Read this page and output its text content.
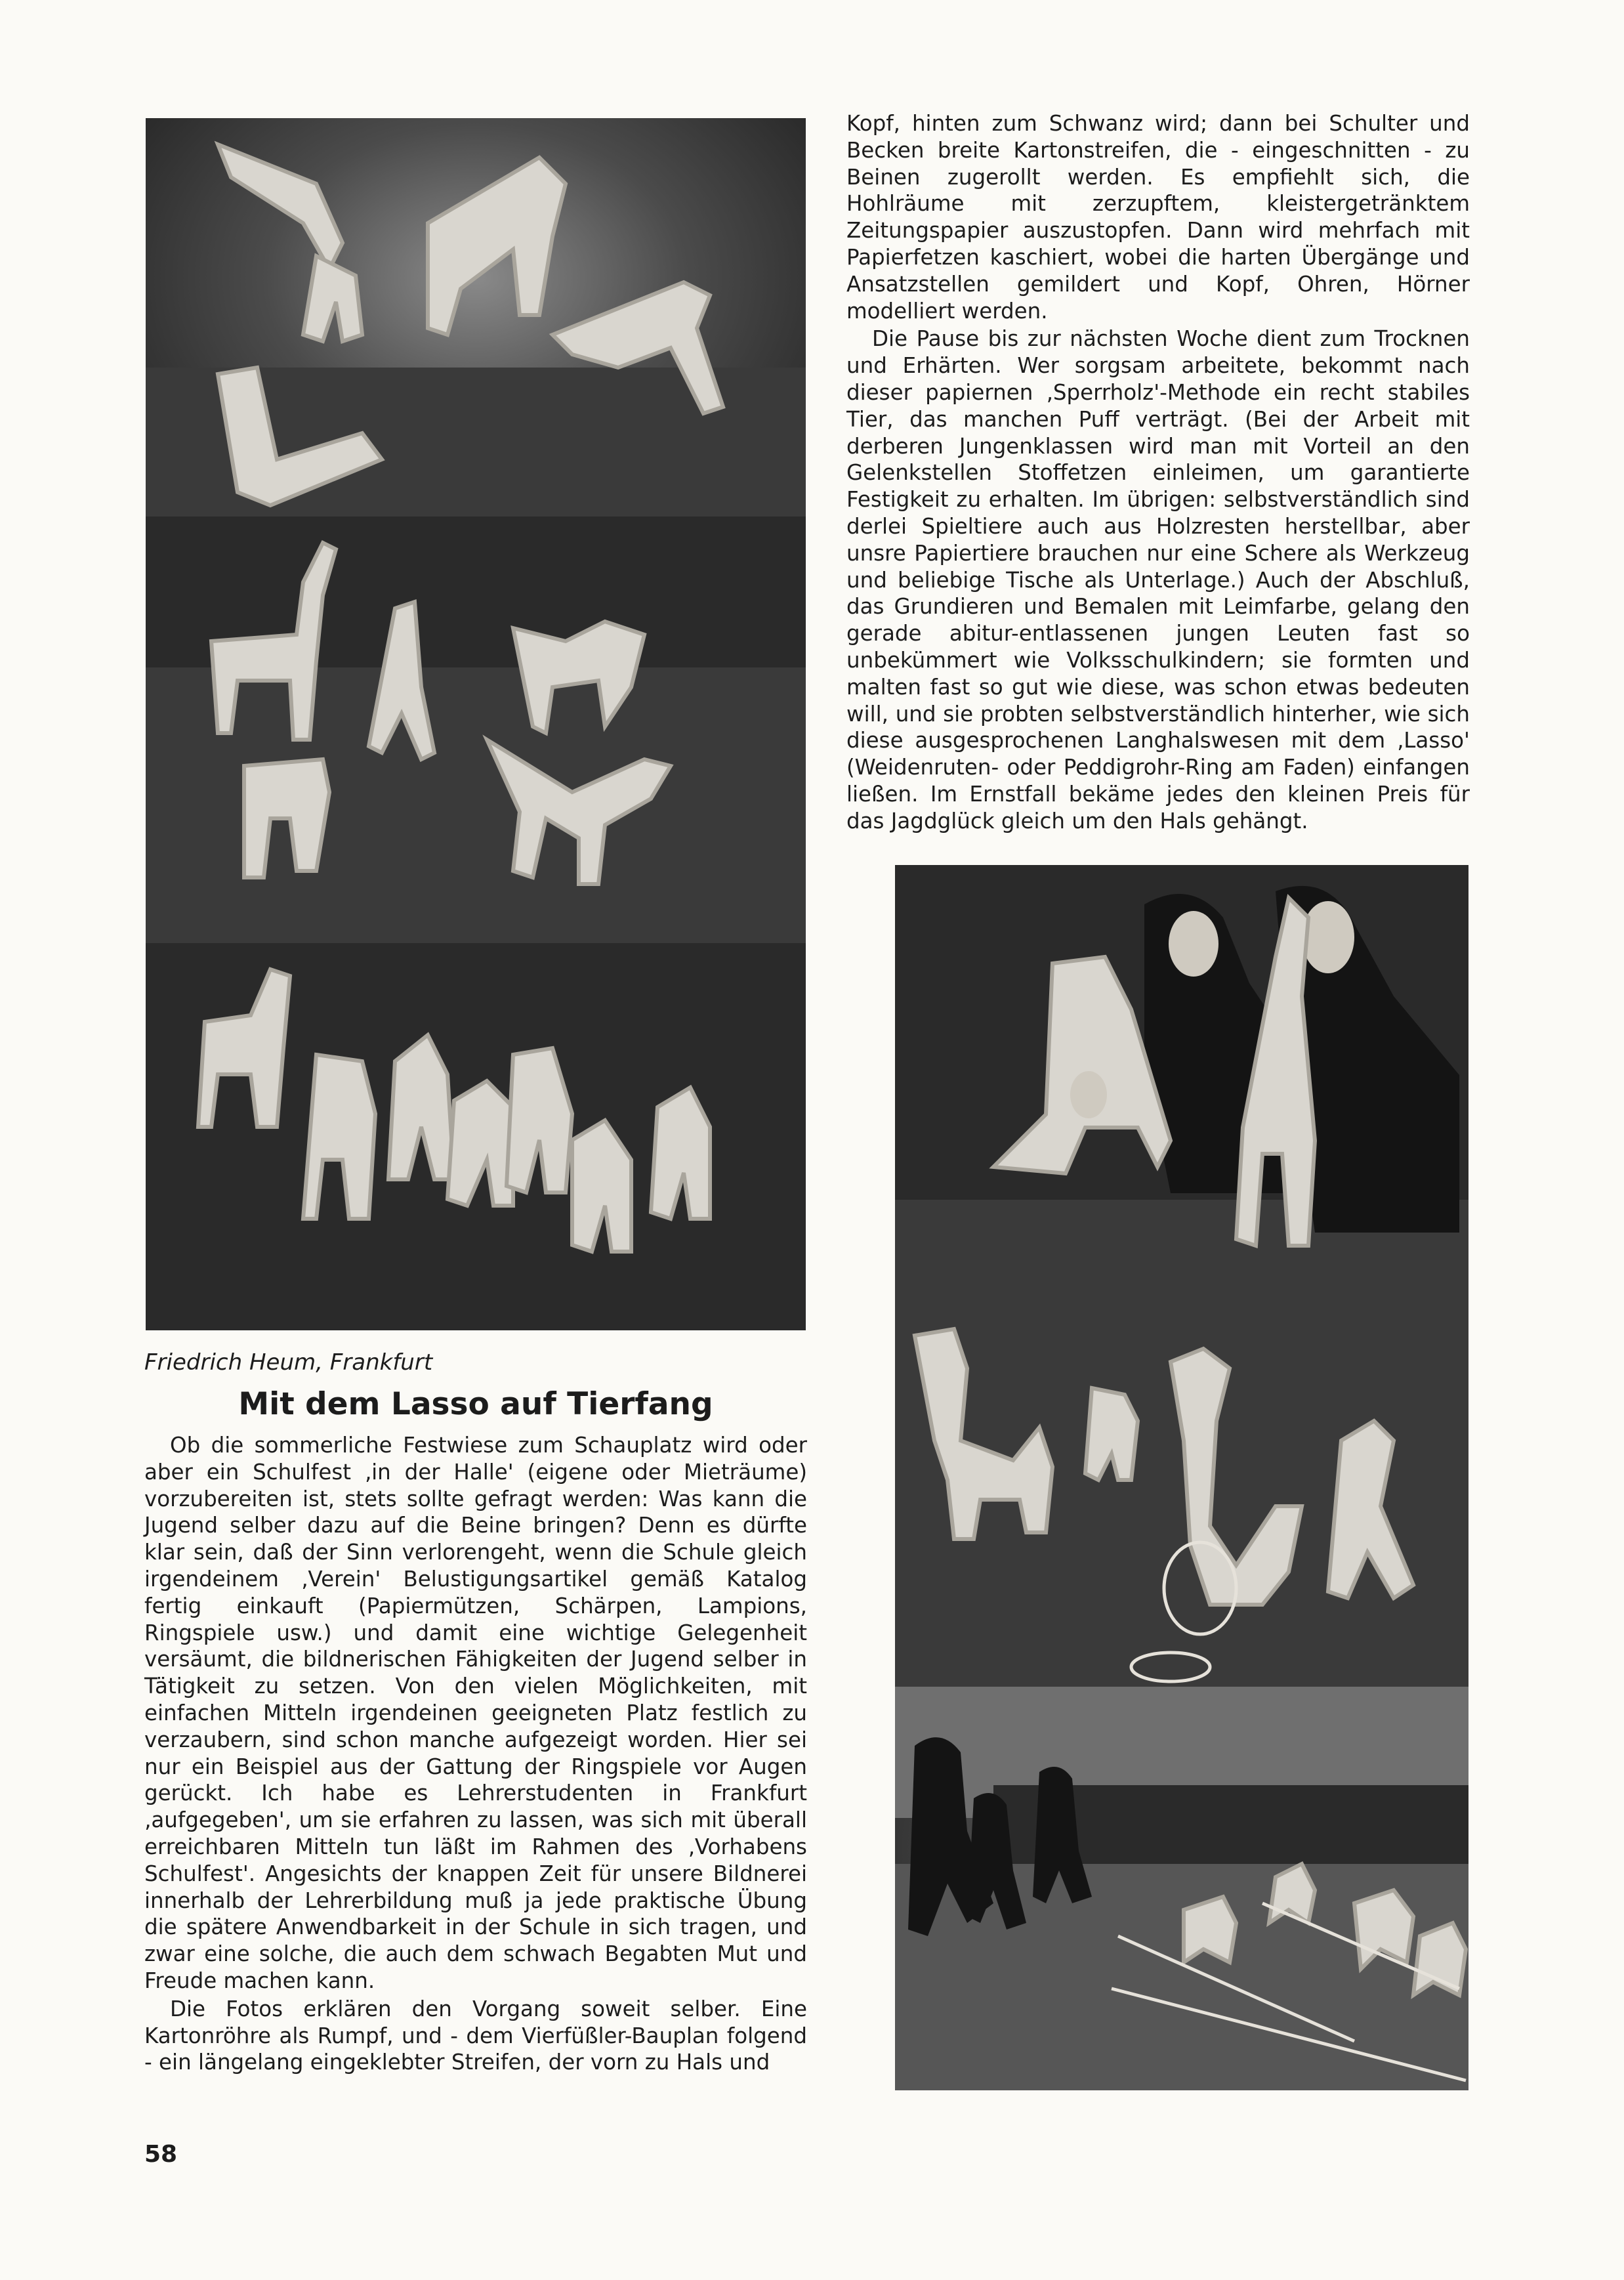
Kopf, hinten zum Schwanz wird; dann bei Schulter und Becken breite Kartonstreifen, die - eingeschnitten - zu Beinen zugerollt werden. Es empfiehlt sich, die Hohlräume mit zerzupftem, kleistergetränktem Zeitungspapier auszustopfen. Dann wird mehrfach mit Papierfetzen kaschiert, wobei die harten Übergänge und Ansatzstellen gemildert und Kopf, Ohren, Hörner modelliert werden.

Die Pause bis zur nächsten Woche dient zum Trocknen und Erhärten. Wer sorgsam arbeitete, bekommt nach dieser papiernen ‚Sperrholz'-Methode ein recht stabiles Tier, das manchen Puff verträgt. (Bei der Arbeit mit derberen Jungenklassen wird man mit Vorteil an den Gelenkstellen Stoffetzen einleimen, um garantierte Festigkeit zu erhalten. Im übrigen: selbstverständlich sind derlei Spieltiere auch aus Holzresten herstellbar, aber unsre Papiertiere brauchen nur eine Schere als Werkzeug und beliebige Tische als Unterlage.) Auch der Abschluß, das Grundieren und Bemalen mit Leimfarbe, gelang den gerade abitur-entlassenen jungen Leuten fast so unbekümmert wie Volksschulkindern; sie formten und malten fast so gut wie diese, was schon etwas bedeuten will, und sie probten selbstverständlich hinterher, wie sich diese ausgesprochenen Langhalswesen mit dem ‚Lasso' (Weidenruten- oder Peddigrohr-Ring am Faden) einfangen ließen. Im Ernstfall bekäme jedes den kleinen Preis für das Jagdglück gleich um den Hals gehängt.

Friedrich Heum, Frankfurt
Mit dem Lasso auf Tierfang

Ob die sommerliche Festwiese zum Schauplatz wird oder aber ein Schulfest ‚in der Halle' (eigene oder Mieträume) vorzubereiten ist, stets sollte gefragt werden: Was kann die Jugend selber dazu auf die Beine bringen? Denn es dürfte klar sein, daß der Sinn verlorengeht, wenn die Schule gleich irgendeinem ‚Verein' Belustigungsartikel gemäß Katalog fertig einkauft (Papiermützen, Schärpen, Lampions, Ringspiele usw.) und damit eine wichtige Gelegenheit versäumt, die bildnerischen Fähigkeiten der Jugend selber in Tätigkeit zu setzen. Von den vielen Möglichkeiten, mit einfachen Mitteln irgendeinen geeigneten Platz festlich zu verzaubern, sind schon manche aufgezeigt worden. Hier sei nur ein Beispiel aus der Gattung der Ringspiele vor Augen gerückt. Ich habe es Lehrerstudenten in Frankfurt ‚aufgegeben', um sie erfahren zu lassen, was sich mit überall erreichbaren Mitteln tun läßt im Rahmen des ‚Vorhabens Schulfest'. Angesichts der knappen Zeit für unsere Bildnerei innerhalb der Lehrerbildung muß ja jede praktische Übung die spätere Anwendbarkeit in der Schule in sich tragen, und zwar eine solche, die auch dem schwach Begabten Mut und Freude machen kann.

Die Fotos erklären den Vorgang soweit selber. Eine Kartonröhre als Rumpf, und - dem Vierfüßler-Bauplan folgend - ein längelang eingeklebter Streifen, der vorn zu Hals und

58
